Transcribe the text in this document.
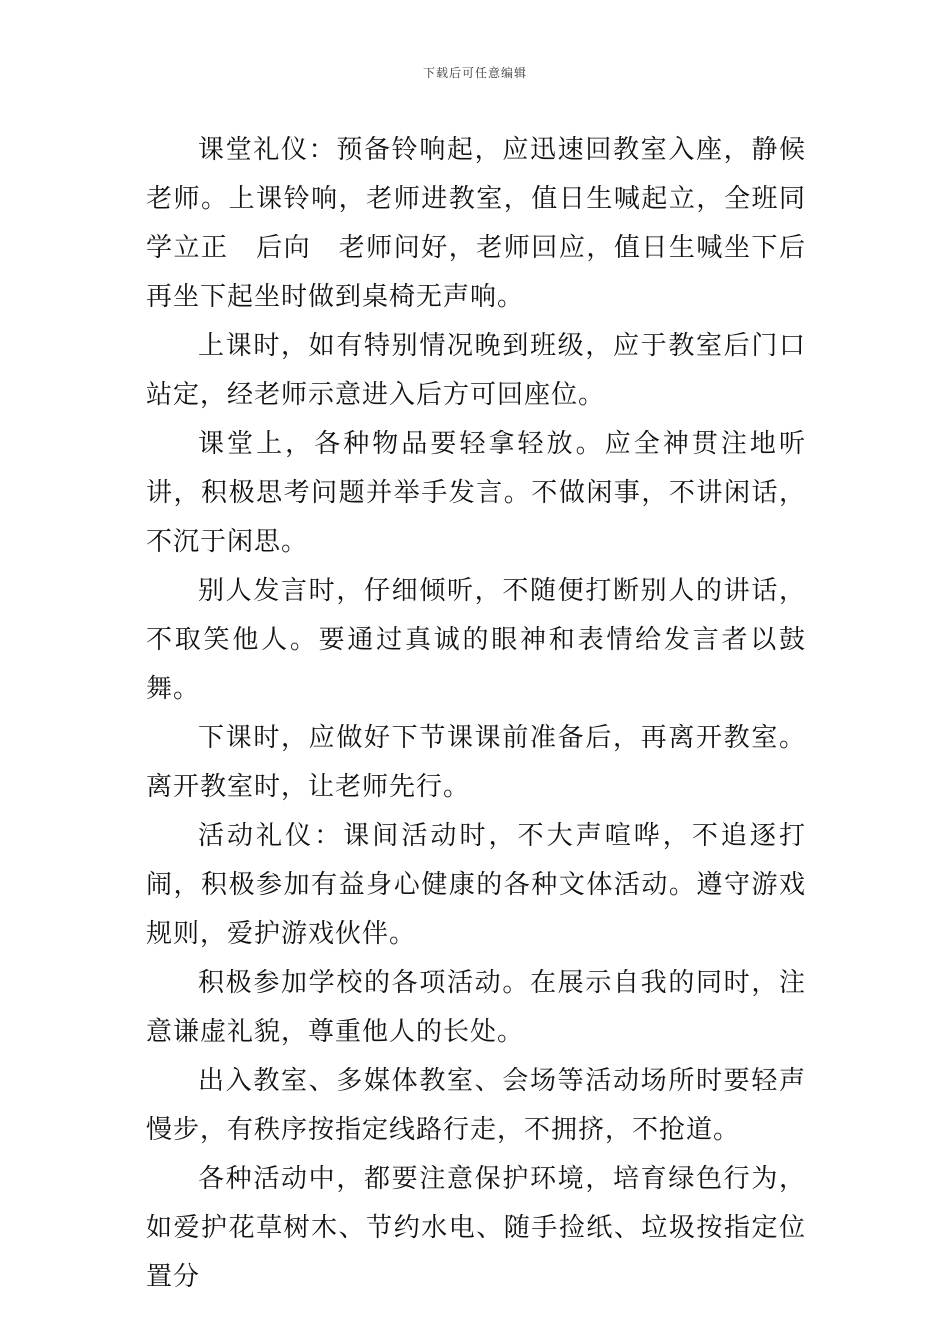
下载后可任意编辑

课堂礼仪：预备铃响起，应迅速回教室入座，静候老师。上课铃响，老师进教室，值日生喊起立，全班同学立正　后向　老师问好，老师回应，值日生喊坐下后再坐下起坐时做到桌椅无声响。

上课时，如有特别情况晚到班级，应于教室后门口站定，经老师示意进入后方可回座位。

课堂上，各种物品要轻拿轻放。应全神贯注地听讲，积极思考问题并举手发言。不做闲事，不讲闲话，不沉于闲思。

别人发言时，仔细倾听，不随便打断别人的讲话，不取笑他人。要通过真诚的眼神和表情给发言者以鼓舞。

下课时，应做好下节课课前准备后，再离开教室。离开教室时，让老师先行。

活动礼仪：课间活动时，不大声喧哗，不追逐打闹，积极参加有益身心健康的各种文体活动。遵守游戏规则，爱护游戏伙伴。

积极参加学校的各项活动。在展示自我的同时，注意谦虚礼貌，尊重他人的长处。

出入教室、多媒体教室、会场等活动场所时要轻声慢步，有秩序按指定线路行走，不拥挤，不抢道。

各种活动中，都要注意保护环境，培育绿色行为，如爱护花草树木、节约水电、随手捡纸、垃圾按指定位置分
